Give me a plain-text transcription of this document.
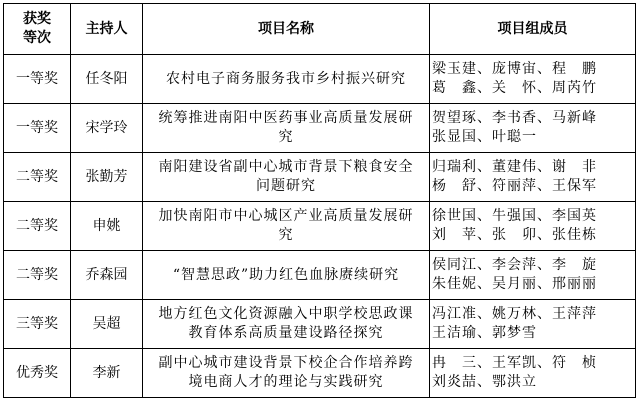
获奖
等次	主持人	项目名称	项目组成员
一等奖	任冬阳	农村电子商务服务我市乡村振兴研究	梁玉建、庞博宙、程　鹏
葛　鑫、关　怀、周芮竹

一等奖	宋学玲	统筹推进南阳中医药事业高质量发展研
究	贺望琢、李书香、马新峰
张显国、叶聪一

二等奖	张勤芳	南阳建设省副中心城市背景下粮食安全
问题研究	归瑞利、董建伟、谢　非
杨　舒、符丽萍、王保军

二等奖	申姚	加快南阳市中心城区产业高质量发展研
究	徐世国、牛强国、李国英
刘　苹、张　卯、张佳栋

二等奖	乔森园	“智慧思政”助力红色血脉赓续研究	侯同江、李会萍、李　旋
朱佳妮、吴月丽、邢丽丽

三等奖	吴超	地方红色文化资源融入中职学校思政课
教育体系高质量建设路径探究	冯江准、姚万林、王萍萍
王洁瑜、郭梦雪

优秀奖	李新	副中心城市建设背景下校企合作培养跨
境电商人才的理论与实践研究	冉　三、王军凯、符　桢
刘炎喆、鄂洪立
